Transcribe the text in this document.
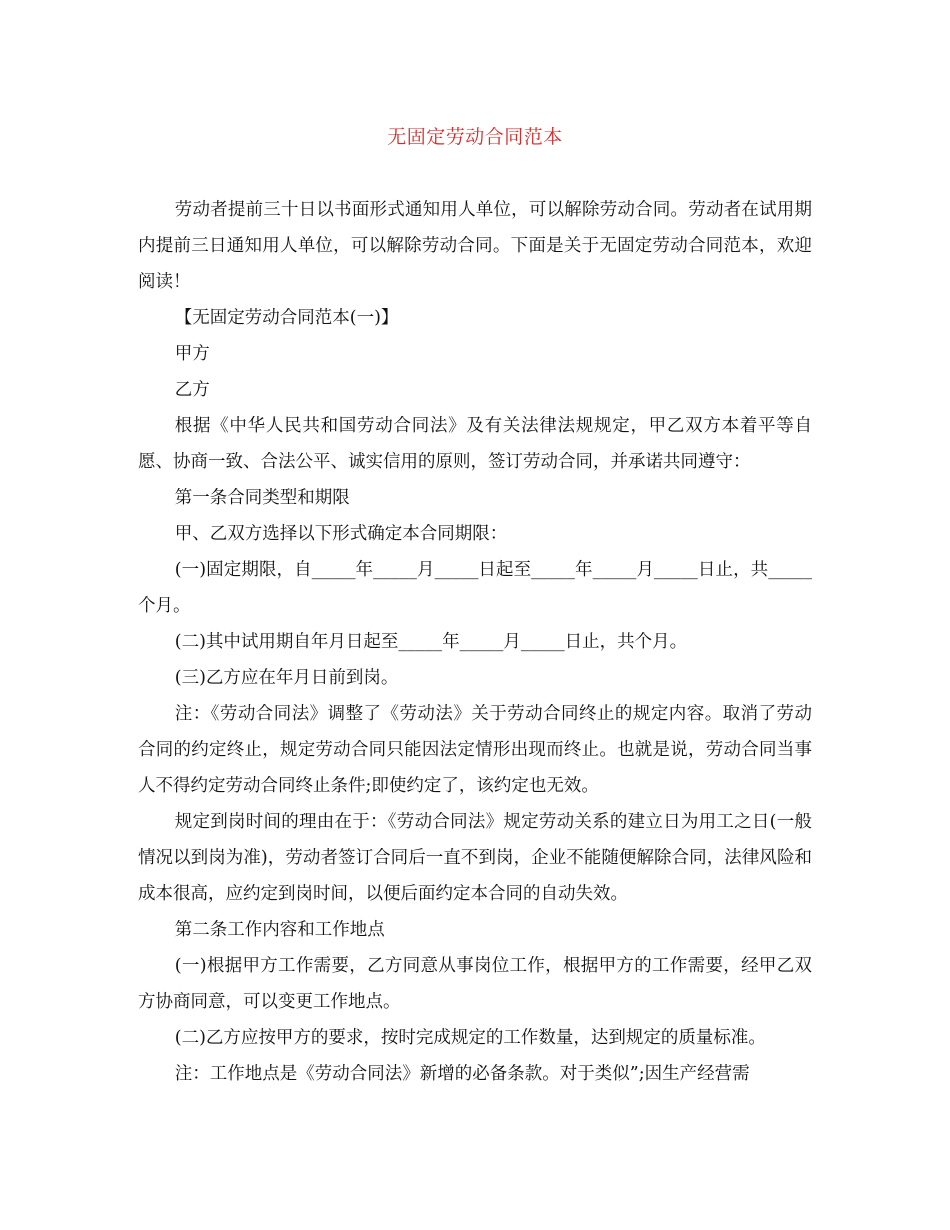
无固定劳动合同范本

劳动者提前三十日以书面形式通知用人单位，可以解除劳动合同。劳动者在试用期内提前三日通知用人单位，可以解除劳动合同。下面是关于无固定劳动合同范本，欢迎阅读！

【无固定劳动合同范本(一)】

甲方

乙方

根据《中华人民共和国劳动合同法》及有关法律法规规定，甲乙双方本着平等自愿、协商一致、合法公平、诚实信用的原则，签订劳动合同，并承诺共同遵守：

第一条合同类型和期限

甲、乙双方选择以下形式确定本合同期限：

(一)固定期限，自_____年_____月_____日起至_____年_____月_____日止，共_____个月。

(二)其中试用期自年月日起至_____年_____月_____日止，共个月。

(三)乙方应在年月日前到岗。

注：《劳动合同法》调整了《劳动法》关于劳动合同终止的规定内容。取消了劳动合同的约定终止，规定劳动合同只能因法定情形出现而终止。也就是说，劳动合同当事人不得约定劳动合同终止条件;即使约定了，该约定也无效。

规定到岗时间的理由在于：《劳动合同法》规定劳动关系的建立日为用工之日(一般情况以到岗为准)，劳动者签订合同后一直不到岗，企业不能随便解除合同，法律风险和成本很高，应约定到岗时间，以便后面约定本合同的自动失效。

第二条工作内容和工作地点

(一)根据甲方工作需要，乙方同意从事岗位工作，根据甲方的工作需要，经甲乙双方协商同意，可以变更工作地点。

(二)乙方应按甲方的要求，按时完成规定的工作数量，达到规定的质量标准。

注：工作地点是《劳动合同法》新增的必备条款。对于类似”;因生产经营需
